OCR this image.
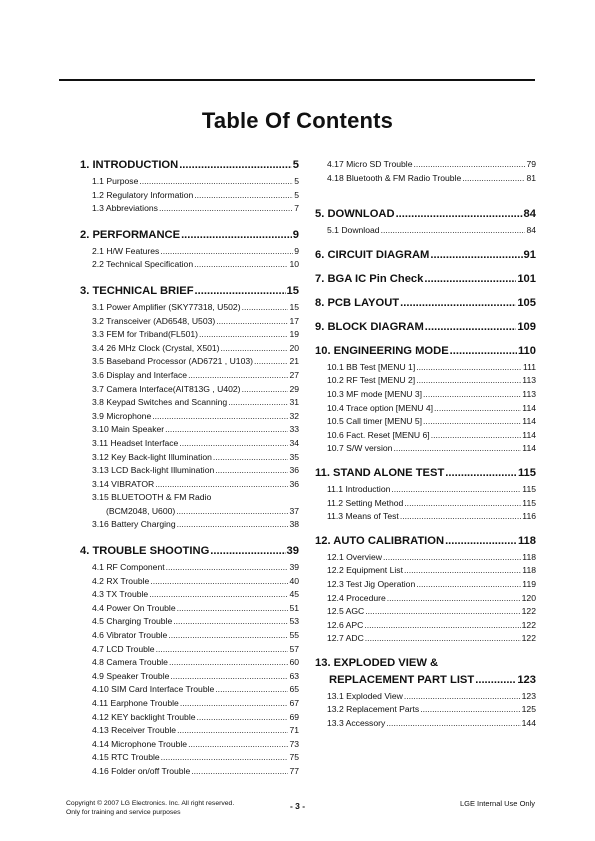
Table Of Contents
1. INTRODUCTION .....	5
1.1 Purpose .....	5
1.2 Regulatory Information .....	5
1.3 Abbreviations .....	7
2. PERFORMANCE .....	9
2.1 H/W Features .....	9
2.2 Technical Specification .....	10
3. TECHNICAL BRIEF .....	15
3.1 Power Amplifier (SKY77318, U502) .....	15
3.2 Transceiver (AD6548, U503) .....	17
3.3 FEM for Triband(FL501) .....	19
3.4 26 MHz Clock (Crystal, X501) .....	20
3.5 Baseband Processor (AD6721 , U103) .....	21
3.6 Display and Interface .....	27
3.7 Camera Interface(AIT813G , U402) .....	29
3.8 Keypad Switches and Scanning .....	31
3.9 Microphone .....	32
3.10 Main Speaker .....	33
3.11 Headset Interface .....	34
3.12 Key Back-light Illumination .....	35
3.13 LCD Back-light Illumination .....	36
3.14 VIBRATOR .....	36
3.15 BLUETOOTH & FM Radio
(BCM2048, U600) .....	37
3.16 Battery Charging .....	38
4. TROUBLE SHOOTING .....	39
4.1 RF Component .....	39
4.2 RX Trouble .....	40
4.3 TX Trouble .....	45
4.4 Power On Trouble .....	51
4.5 Charging Trouble .....	53
4.6 Vibrator Trouble .....	55
4.7 LCD Trouble .....	57
4.8 Camera Trouble .....	60
4.9 Speaker Trouble .....	63
4.10 SIM Card Interface Trouble .....	65
4.11 Earphone Trouble .....	67
4.12 KEY backlight Trouble .....	69
4.13 Receiver Trouble .....	71
4.14 Microphone Trouble .....	73
4.15 RTC Trouble .....	75
4.16 Folder on/off Trouble .....	77
4.17 Micro SD Trouble .....	79
4.18 Bluetooth & FM Radio Trouble .....	81
5. DOWNLOAD .....	84
5.1 Download .....	84
6. CIRCUIT DIAGRAM .....	91
7. BGA IC Pin Check .....	101
8. PCB LAYOUT .....	105
9. BLOCK DIAGRAM .....	109
10. ENGINEERING MODE .....	110
10.1 BB Test [MENU 1] .....	111
10.2 RF Test [MENU 2] .....	113
10.3 MF mode [MENU 3] .....	113
10.4 Trace option [MENU 4] .....	114
10.5 Call timer [MENU 5] .....	114
10.6 Fact. Reset [MENU 6] .....	114
10.7 S/W version .....	114
11. STAND ALONE TEST .....	115
11.1 Introduction .....	115
11.2 Setting Method .....	115
11.3 Means of Test .....	116
12. AUTO CALIBRATION .....	118
12.1 Overview .....	118
12.2 Equipment List .....	118
12.3 Test Jig Operation .....	119
12.4 Procedure .....	120
12.5 AGC .....	122
12.6 APC .....	122
12.7 ADC .....	122
13. EXPLODED VIEW &
REPLACEMENT PART LIST .....	123
13.1 Exploded View .....	123
13.2 Replacement Parts .....	125
13.3 Accessory .....	144
Copyright © 2007 LG Electronics. Inc. All right reserved.
Only for training and service purposes
- 3 -	LGE Internal Use Only
